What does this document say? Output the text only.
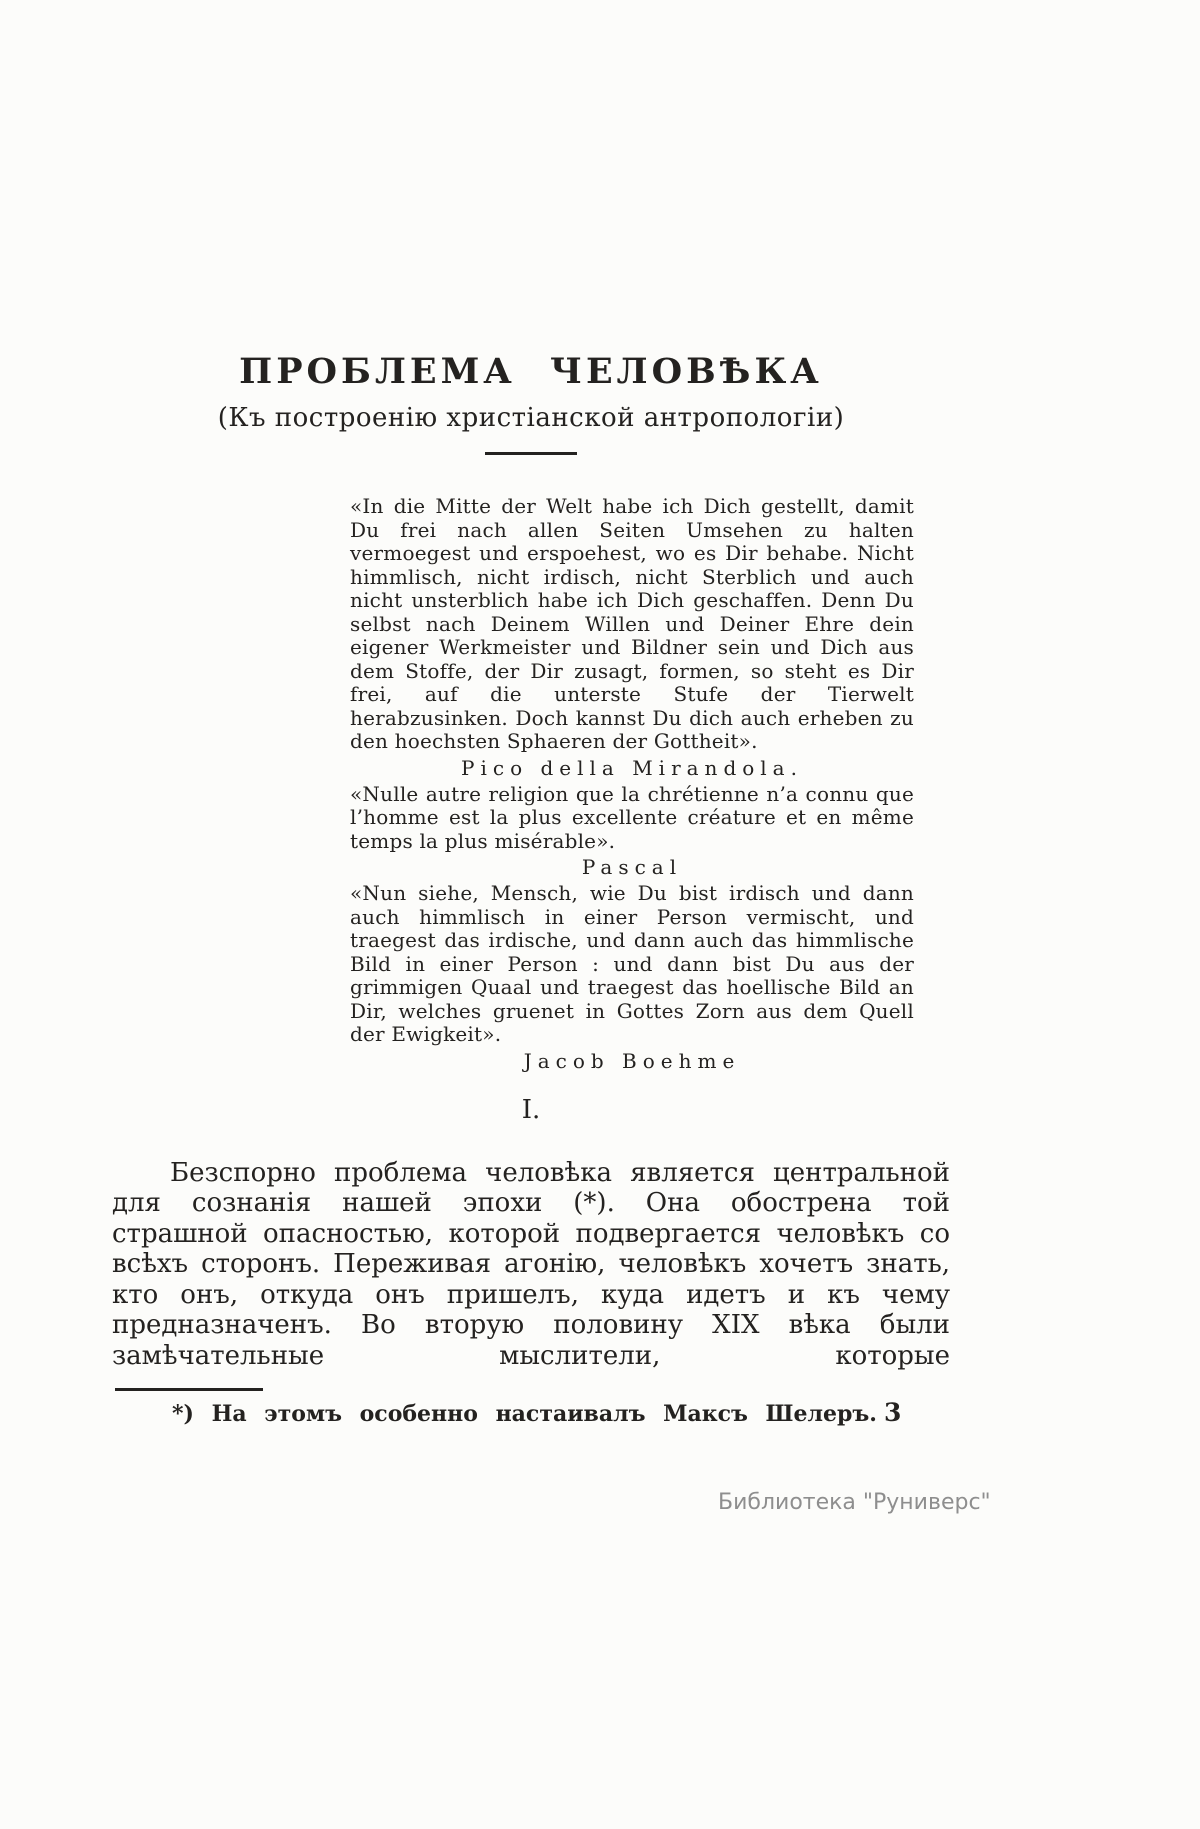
ПРОБЛЕМА ЧЕЛОВѢКА
(Къ построенію христіанской антропологіи)

«In die Mitte der Welt habe ich Dich gestellt, damit Du frei nach allen Seiten Umsehen zu halten vermoegest und erspoehest, wo es Dir behabe. Nicht himmlisch, nicht irdisch, nicht Sterblich und auch nicht unsterblich habe ich Dich geschaffen. Denn Du selbst nach Deinem Willen und Deiner Ehre dein eigener Werkmeister und Bildner sein und Dich aus dem Stoffe, der Dir zusagt, formen, so steht es Dir frei, auf die unterste Stufe der Tierwelt herabzusinken. Doch kannst Du dich auch erheben zu den hoechsten Sphaeren der Gottheit».

Pico della Mirandola.

«Nulle autre religion que la chrétienne n’a connu que l’homme est la plus excellente créature et en même temps la plus misérable».

Pascal

«Nun siehe, Mensch, wie Du bist irdisch und dann auch himmlisch in einer Person vermischt, und traegest das irdische, und dann auch das himmlische Bild in einer Person : und dann bist Du aus der grimmigen Quaal und traegest das hoellische Bild an Dir, welches gruenet in Gottes Zorn aus dem Quell der Ewigkeit».

Jacob Boehme
I.

Безспорно проблема человѣка является центральной для сознанія нашей эпохи (*). Она обострена той страшной опасностью, которой подвергается человѣкъ со всѣхъ сторонъ. Переживая агонію, человѣкъ хочетъ знать, кто онъ, откуда онъ пришелъ, куда идетъ и къ чему предназначенъ. Во вторую половину XIX вѣка были замѣчательные мыслители, которые

*) На этомъ особенно настаивалъ Максъ Шелеръ. 3
Библиотека "Руниверс"
